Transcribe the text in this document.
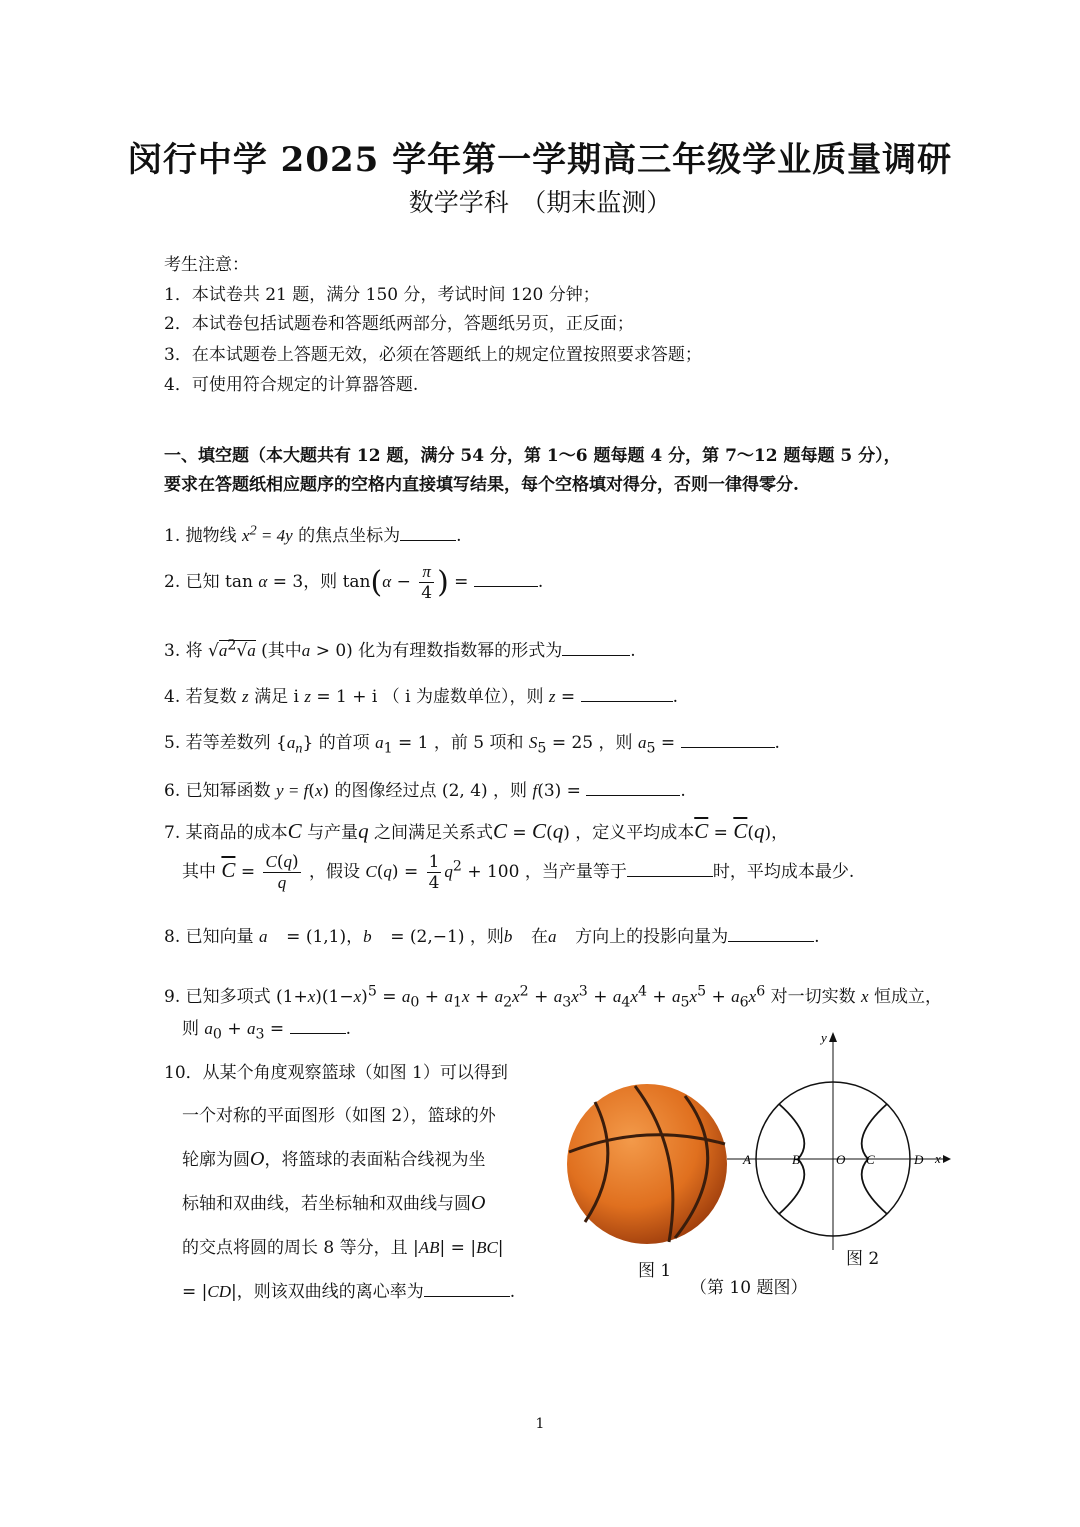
闵行中学 2025 学年第一学期高三年级学业质量调研
数学学科　（期末监测）
考生注意：
1．本试卷共 21 题，满分 150 分，考试时间 120 分钟；
2．本试卷包括试题卷和答题纸两部分，答题纸另页，正反面；
3．在本试题卷上答题无效，必须在答题纸上的规定位置按照要求答题；
4．可使用符合规定的计算器答题.
一、填空题（本大题共有 12 题，满分 54 分，第 1～6 题每题 4 分，第 7～12 题每题 5 分），
要求在答题纸相应题序的空格内直接填写结果，每个空格填对得分，否则一律得零分.
1. 抛物线 $x^2 = 4y$ 的焦点坐标为	.
2. 已知 tan α = 3，则 $\tan(\alpha - \frac{\pi}{4}$ ) =	.
3. 将 $√a^2√a$ (其中a > 0) 化为有理数指数幂的形式为	.
4. 若复数 z 满足 i z = 1 + i （ i 为虚数单位），则 z =	.
5. 若等差数列 $\{a_n\}$ 的首项 $a_1 = 1$ ，前 5 项和 $S_5 = 25$ ，则 $a_5$ =	.
6. 已知幂函数 y = f(x) 的图像经过点 (2, 4) ，则 f(3) =	.
7. 某商品的成本C 与产量q 之间满足关系式C = C(q) ，定义平均成本$\overline{C} = \overline{C}(q)$，
其中 $\overline{C} = \frac{C(q)}{q}$ ，假设 $C(q) = \frac{1}{4} q^2 + 100$ ，当产量等于	时，平均成本最少.
8. 已知向量 a⃗ = (1,1)，b⃗ = (2,−1) ，则b⃗ 在a⃗ 方向上的投影向量为	.
9. 已知多项式 $(1+x)(1-x)^5 = a_0 + a_1x + a_2x^2 + a_3x^3 + a_4x^4 + a_5x^5 + a_6x^6$ 对一切实数 x 恒成立，
则 $a_0 + a_3$ =	.
10．从某个角度观察篮球（如图 1）可以得到
一个对称的平面图形（如图 2），篮球的外
轮廓为圆O，将篮球的表面粘合线视为坐
标轴和双曲线，若坐标轴和双曲线与圆O
的交点将圆的周长 8 等分，且 |AB| = |BC|
= |CD|，则该双曲线的离心率为	.
图 1
A	B	O C	D x
y
图 2
（第 10 题图）
1
